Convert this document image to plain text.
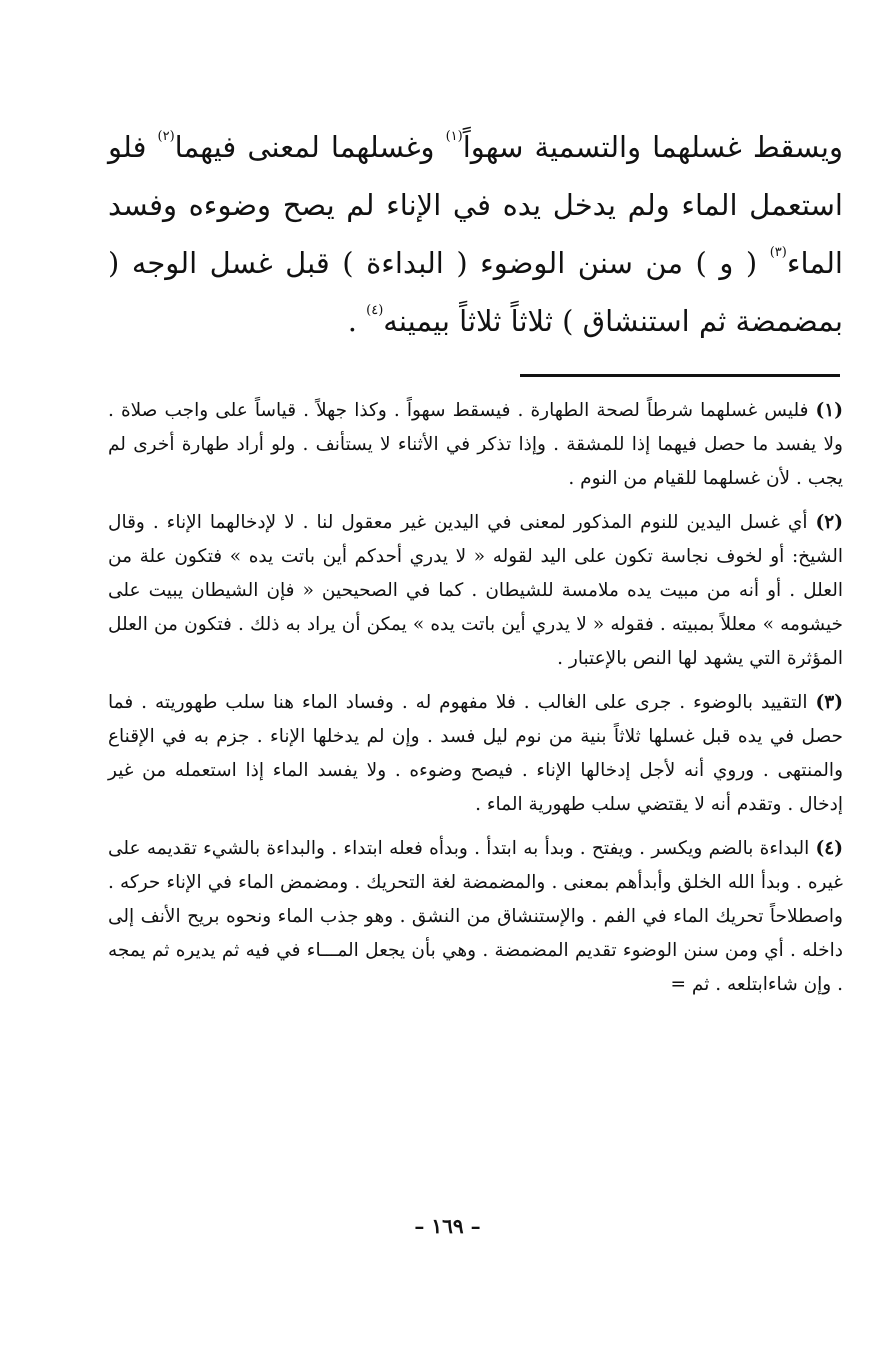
ويسقط غسلهما والتسمية سهواً$^{(١)}$ وغسلهما لمعنى فيهما$^{(٢)}$ فلو استعمل الماء ولم يدخل يده في الإناء لم يصح وضوءه وفسد الماء$^{(٣)}$ ( و ) من سنن الوضوء ( البداءة ) قبل غسل الوجه ( بمضمضة ثم استنشاق ) ثلاثاً ثلاثاً بيمينه$^{(٤)}$ .

(١) فليس غسلهما شرطاً لصحة الطهارة . فيسقط سهواً . وكذا جهلاً . قياساً على واجب صلاة . ولا يفسد ما حصل فيهما إذا للمشقة . وإذا تذكر في الأثناء لا يستأنف . ولو أراد طهارة أخرى لم يجب . لأن غسلهما للقيام من النوم .

(٢) أي غسل اليدين للنوم المذكور لمعنى في اليدين غير معقول لنا . لا لإدخالهما الإناء . وقال الشيخ: أو لخوف نجاسة تكون على اليد لقوله « لا يدري أحدكم أين باتت يده » فتكون علة من العلل . أو أنه من مبيت يده ملامسة للشيطان . كما في الصحيحين « فإن الشيطان يبيت على خيشومه » معللاً بمبيته . فقوله « لا يدري أين باتت يده » يمكن أن يراد به ذلك . فتكون من العلل المؤثرة التي يشهد لها النص بالإعتبار .

(٣) التقييد بالوضوء . جرى على الغالب . فلا مفهوم له . وفساد الماء هنا سلب طهوريته . فما حصل في يده قبل غسلها ثلاثاً بنية من نوم ليل فسد . وإن لم يدخلها الإناء . جزم به في الإقناع والمنتهى . وروي أنه لأجل إدخالها الإناء . فيصح وضوءه . ولا يفسد الماء إذا استعمله من غير إدخال . وتقدم أنه لا يقتضي سلب طهورية الماء .

(٤) البداءة بالضم ويكسر . ويفتح . وبدأ به ابتدأ . وبدأه فعله ابتداء . والبداءة بالشيء تقديمه على غيره . وبدأ الله الخلق وأبدأهم بمعنى . والمضمضة لغة التحريك . ومضمض الماء في الإناء حركه . واصطلاحاً تحريك الماء في الفم . والإستنشاق من النشق . وهو جذب الماء ونحوه بريح الأنف إلى داخله . أي ومن سنن الوضوء تقديم المضمضة . وهي بأن يجعل المـــاء في فيه ثم يديره ثم يمجه . وإن شاءابتلعه . ثم =

– ١٦٩ –
